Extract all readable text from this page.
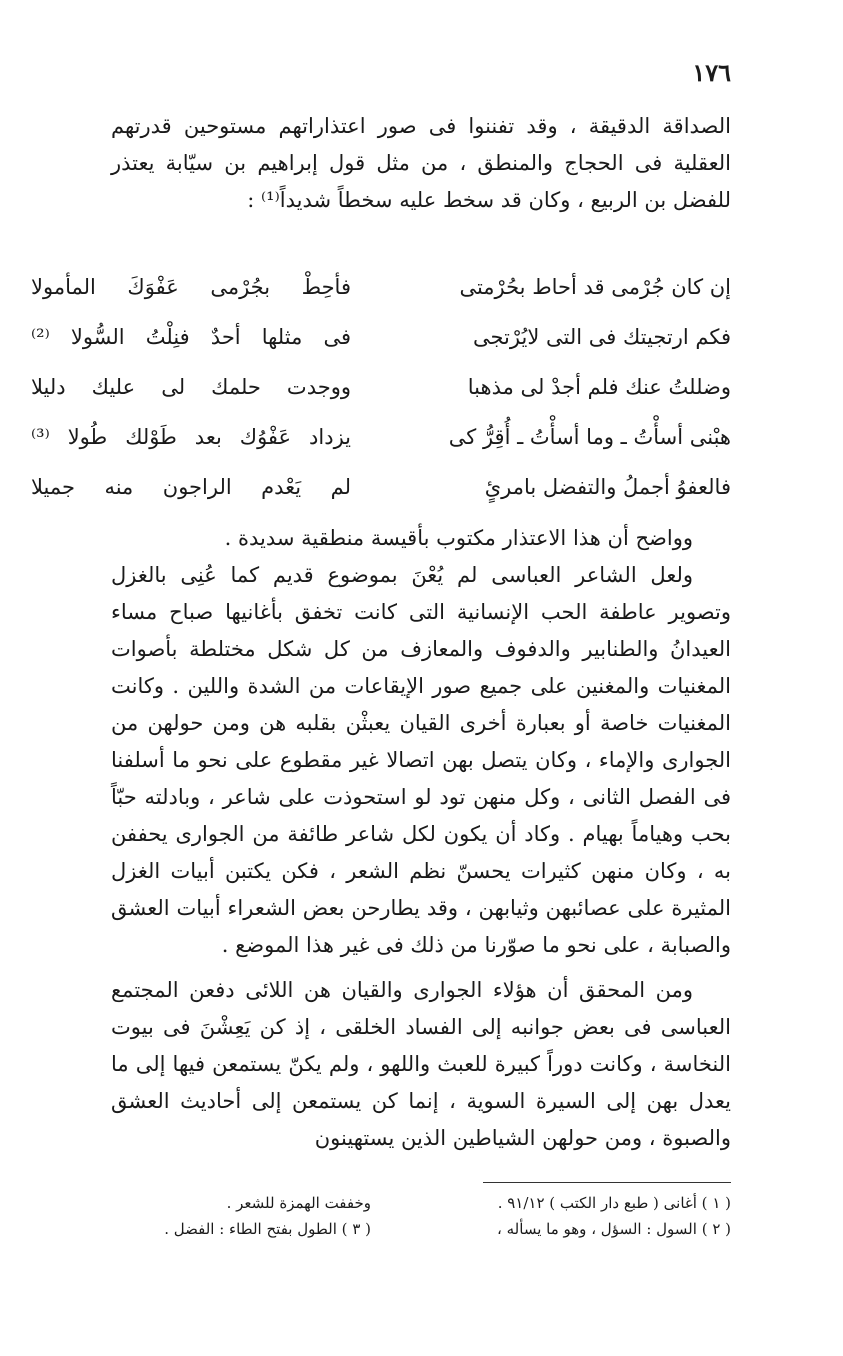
١٧٦

الصداقة الدقيقة ، وقد تفننوا فى صور اعتذاراتهم مستوحين قدرتهم العقلية فى الحجاج والمنطق ، من مثل قول إبراهيم بن سيّابة يعتذر للفضل بن الربيع ، وكان قد سخط عليه سخطاً شديداً⁽¹⁾ :

إن كان جُرْمى قد أحاط بحُرْمتى
فأحِطْ بجُرْمى عَفْوَكَ المأمولا
فكم ارتجيتك فى التى لايُرْتجى
فى مثلها أحدٌ فنِلْتُ السُّولا ⁽²⁾
وضللتُ عنك فلم أجدْ لى مذهبا
ووجدت حلمك لى عليك دليلا
هبْنى أسأْتُ ـ وما أسأْتُ ـ أُقِرُّ كى
يزداد عَفْوُك بعد طَوْلك طُولا ⁽³⁾
فالعفوُ أجملُ والتفضل بامرئٍ
لم يَعْدم الراجون منه جميلا

وواضح أن هذا الاعتذار مكتوب بأقيسة منطقية سديدة .

ولعل الشاعر العباسى لم يُعْنَ بموضوع قديم كما عُنِى بالغزل وتصوير عاطفة الحب الإنسانية التى كانت تخفق بأغانيها صباح مساء العيدانُ والطنابير والدفوف والمعازف من كل شكل مختلطة بأصوات المغنيات والمغنين على جميع صور الإيقاعات من الشدة واللين . وكانت المغنيات خاصة أو بعبارة أخرى القيان يعبثْن بقلبه هن ومن حولهن من الجوارى والإماء ، وكان يتصل بهن اتصالا غير مقطوع على نحو ما أسلفنا فى الفصل الثانى ، وكل منهن تود لو استحوذت على شاعر ، وبادلته حبّاً بحب وهياماً بهيام . وكاد أن يكون لكل شاعر طائفة من الجوارى يحففن به ، وكان منهن كثيرات يحسنّ نظم الشعر ، فكن يكتبن أبيات الغزل المثيرة على عصائبهن وثيابهن ، وقد يطارحن بعض الشعراء أبيات العشق والصبابة ، على نحو ما صوّرنا من ذلك فى غير هذا الموضع .

ومن المحقق أن هؤلاء الجوارى والقيان هن اللائى دفعن المجتمع العباسى فى بعض جوانبه إلى الفساد الخلقى ، إذ كن يَعِشْنَ فى بيوت النخاسة ، وكانت دوراً كبيرة للعبث واللهو ، ولم يكنّ يستمعن فيها إلى ما يعدل بهن إلى السيرة السوية ، إنما كن يستمعن إلى أحاديث العشق والصبوة ، ومن حولهن الشياطين الذين يستهينون

( ١ ) أغانى ( طبع دار الكتب ) ٩١/١٢ .
( ٢ ) السول : السؤل ، وهو ما يسأله ،
وخففت الهمزة للشعر .
( ٣ ) الطول بفتح الطاء : الفضل .
